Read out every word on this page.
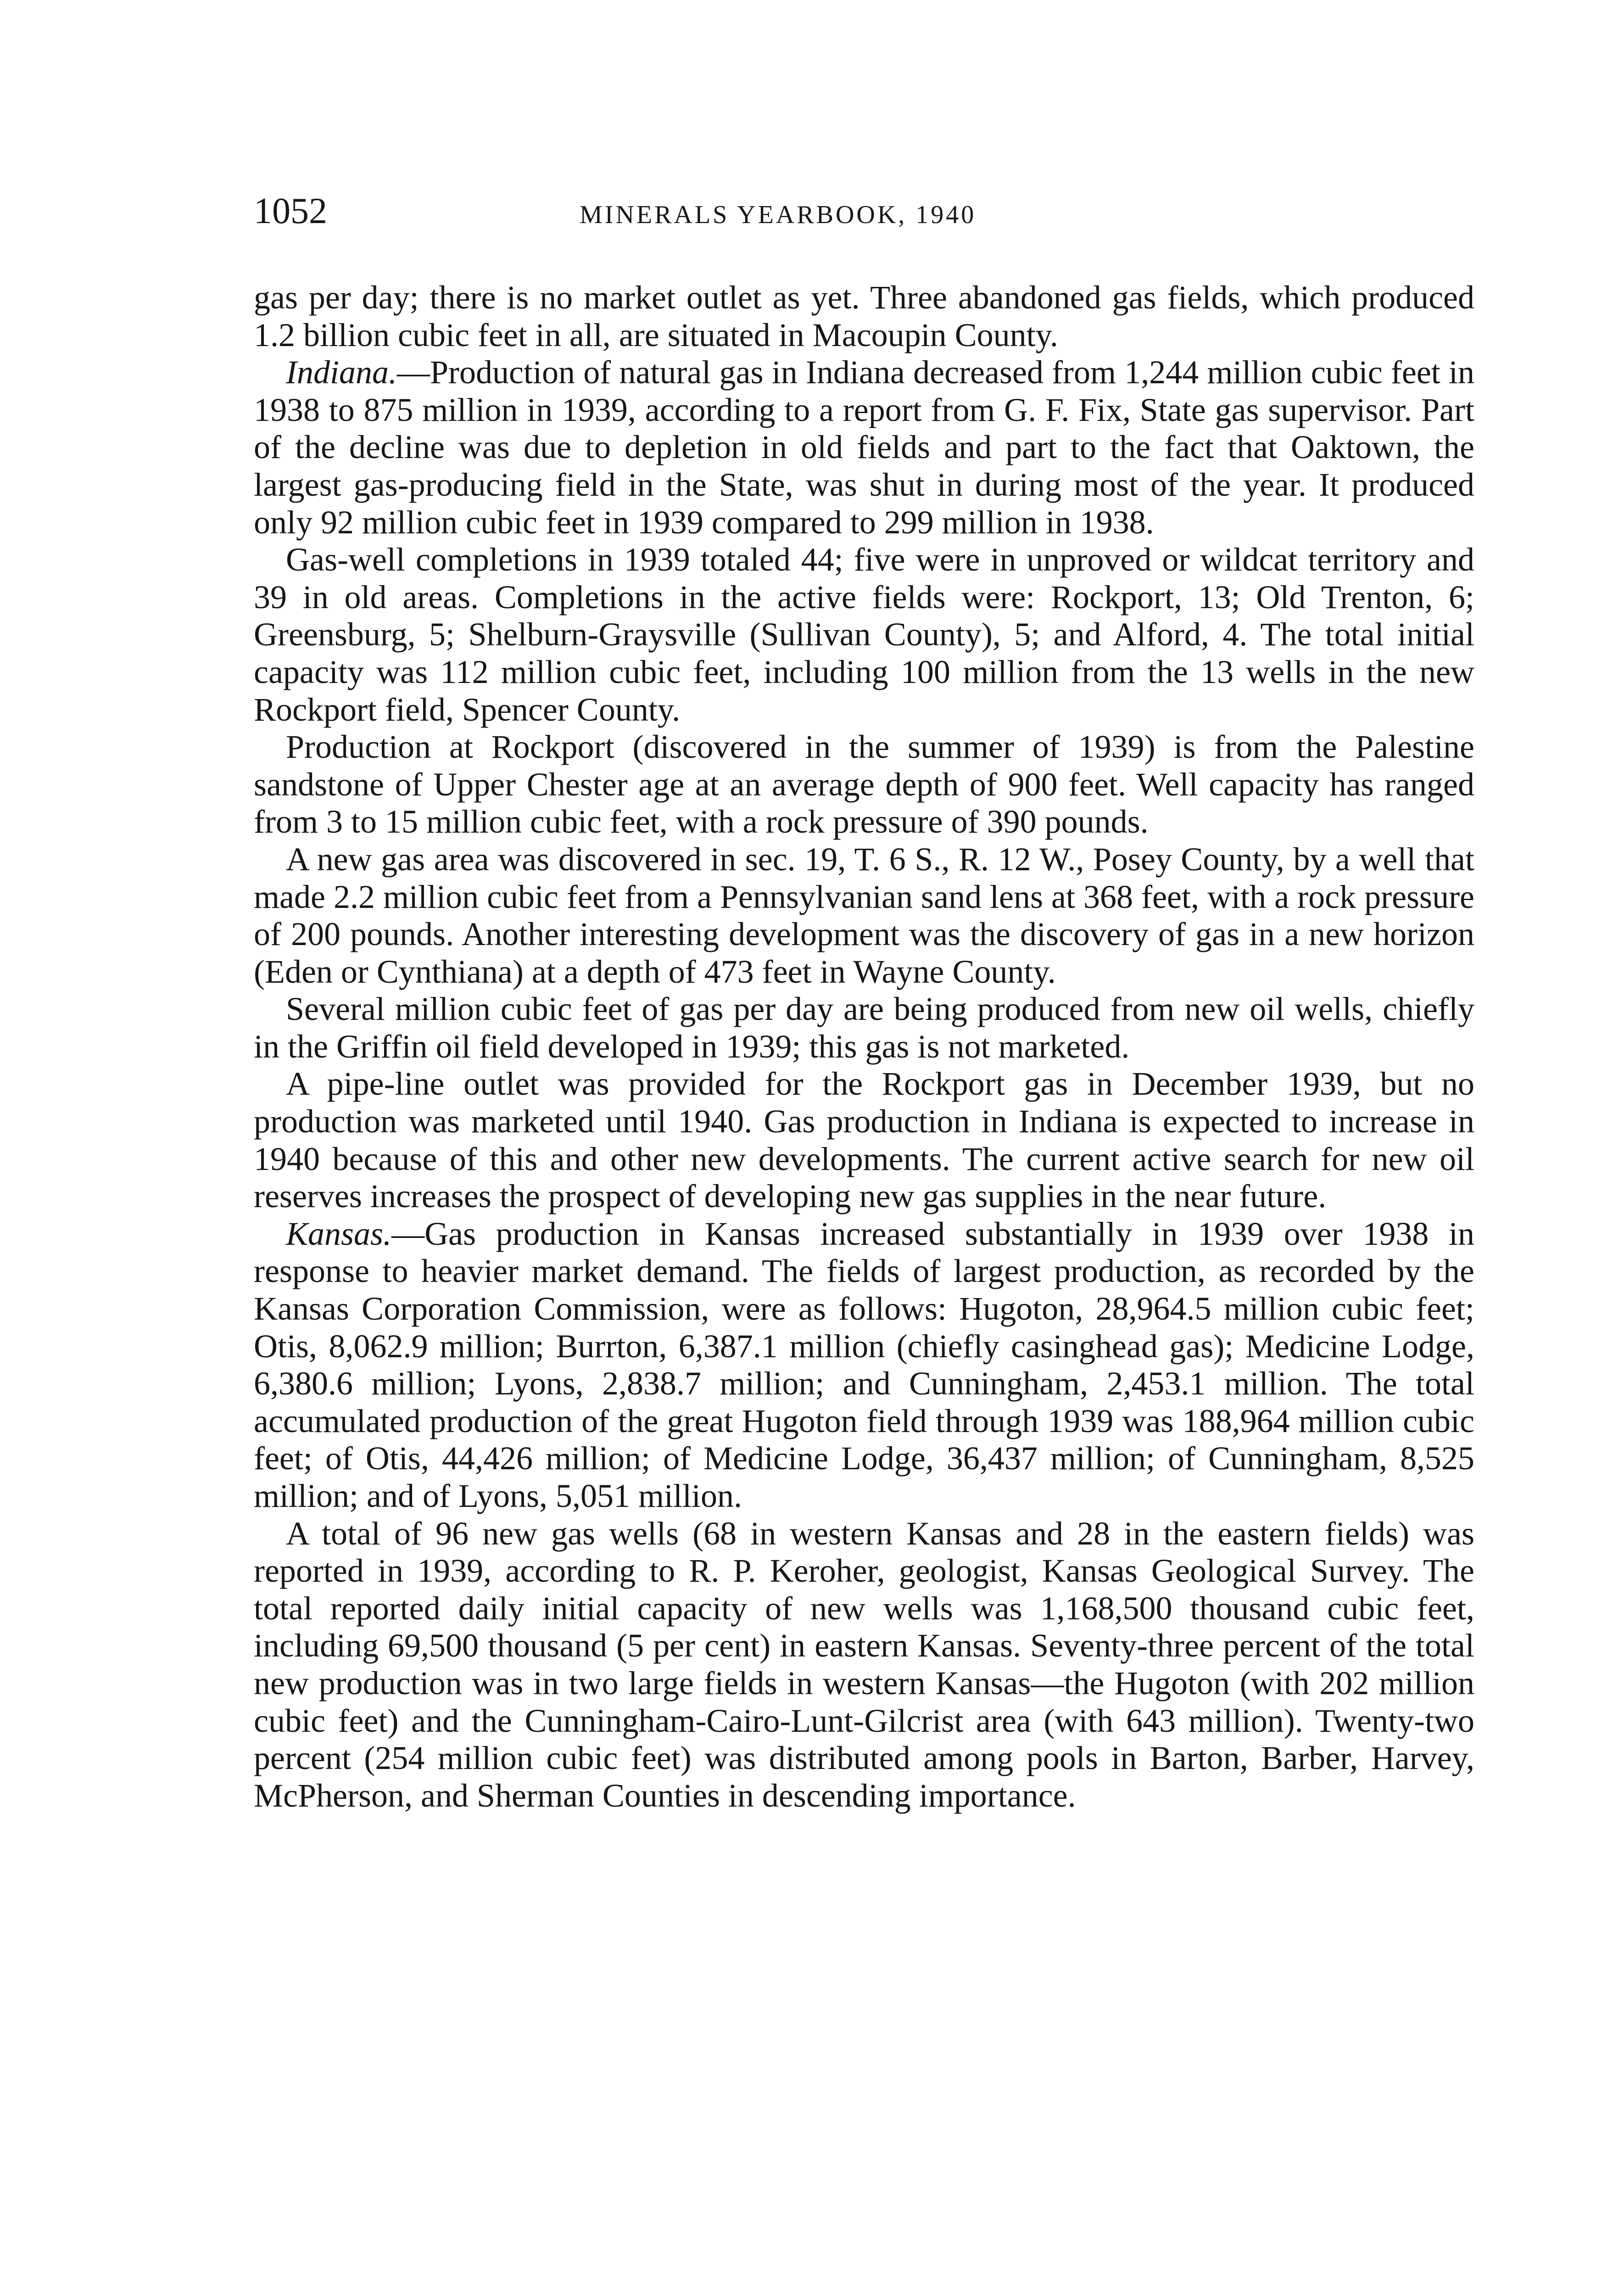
1052	MINERALS YEARBOOK, 1940

gas per day; there is no market outlet as yet. Three abandoned gas fields, which produced 1.2 billion cubic feet in all, are situated in Macoupin County.

Indiana.—Production of natural gas in Indiana decreased from 1,244 million cubic feet in 1938 to 875 million in 1939, according to a report from G. F. Fix, State gas supervisor. Part of the decline was due to depletion in old fields and part to the fact that Oaktown, the largest gas-producing field in the State, was shut in during most of the year. It produced only 92 million cubic feet in 1939 compared to 299 million in 1938.

Gas-well completions in 1939 totaled 44; five were in unproved or wildcat territory and 39 in old areas. Completions in the active fields were: Rockport, 13; Old Trenton, 6; Greensburg, 5; Shelburn-Graysville (Sullivan County), 5; and Alford, 4. The total initial capacity was 112 million cubic feet, including 100 million from the 13 wells in the new Rockport field, Spencer County.

Production at Rockport (discovered in the summer of 1939) is from the Palestine sandstone of Upper Chester age at an average depth of 900 feet. Well capacity has ranged from 3 to 15 million cubic feet, with a rock pressure of 390 pounds.

A new gas area was discovered in sec. 19, T. 6 S., R. 12 W., Posey County, by a well that made 2.2 million cubic feet from a Pennsylvanian sand lens at 368 feet, with a rock pressure of 200 pounds. Another interesting development was the discovery of gas in a new horizon (Eden or Cynthiana) at a depth of 473 feet in Wayne County.

Several million cubic feet of gas per day are being produced from new oil wells, chiefly in the Griffin oil field developed in 1939; this gas is not marketed.

A pipe-line outlet was provided for the Rockport gas in December 1939, but no production was marketed until 1940. Gas production in Indiana is expected to increase in 1940 because of this and other new developments. The current active search for new oil reserves increases the prospect of developing new gas supplies in the near future.

Kansas.—Gas production in Kansas increased substantially in 1939 over 1938 in response to heavier market demand. The fields of largest production, as recorded by the Kansas Corporation Commission, were as follows: Hugoton, 28,964.5 million cubic feet; Otis, 8,062.9 million; Burrton, 6,387.1 million (chiefly casinghead gas); Medicine Lodge, 6,380.6 million; Lyons, 2,838.7 million; and Cunningham, 2,453.1 million. The total accumulated production of the great Hugoton field through 1939 was 188,964 million cubic feet; of Otis, 44,426 million; of Medicine Lodge, 36,437 million; of Cunningham, 8,525 million; and of Lyons, 5,051 million.

A total of 96 new gas wells (68 in western Kansas and 28 in the eastern fields) was reported in 1939, according to R. P. Keroher, geologist, Kansas Geological Survey. The total reported daily initial capacity of new wells was 1,168,500 thousand cubic feet, including 69,500 thousand (5 per cent) in eastern Kansas. Seventy-three percent of the total new production was in two large fields in western Kansas—the Hugoton (with 202 million cubic feet) and the Cunningham-Cairo-Lunt-Gilcrist area (with 643 million). Twenty-two percent (254 million cubic feet) was distributed among pools in Barton, Barber, Harvey, McPherson, and Sherman Counties in descending importance.
